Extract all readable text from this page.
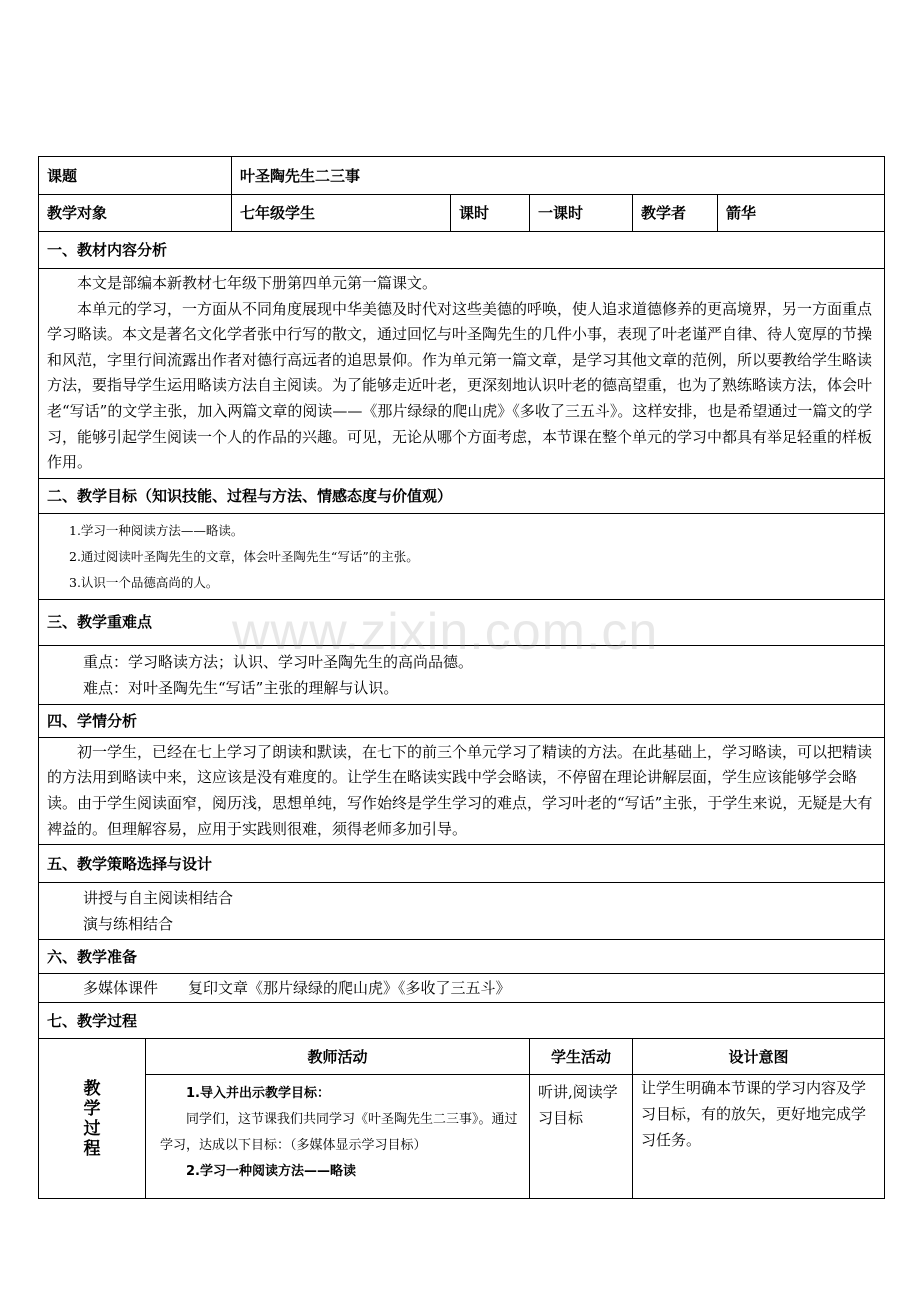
课题		叶圣陶先生二三事				
教学对象		七年级学生	课时	一课时	教学者	箭华
一、教材内容分析						

本文是部编本新教材七年级下册第四单元第一篇课文。

本单元的学习，一方面从不同角度展现中华美德及时代对这些美德的呼唤，使人追求道德修养的更高境界，另一方面重点学习略读。本文是著名文化学者张中行写的散文，通过回忆与叶圣陶先生的几件小事，表现了叶老谨严自律、待人宽厚的节操和风范，字里行间流露出作者对德行高远者的追思景仰。作为单元第一篇文章，是学习其他文章的范例，所以要教给学生略读方法，要指导学生运用略读方法自主阅读。为了能够走近叶老，更深刻地认识叶老的德高望重，也为了熟练略读方法，体会叶老“写话”的文学主张，加入两篇文章的阅读——《那片绿绿的爬山虎》《多收了三五斗》。这样安排，也是希望通过一篇文的学习，能够引起学生阅读一个人的作品的兴趣。可见，无论从哪个方面考虑，本节课在整个单元的学习中都具有举足轻重的样板作用。						

二、教学目标（知识技能、过程与方法、情感态度与价值观）						

1.学习一种阅读方法——略读。

2.通过阅读叶圣陶先生的文章，体会叶圣陶先生“写话”的主张。

3.认识一个品德高尚的人。						

三、教学重难点						

重点：学习略读方法；认识、学习叶圣陶先生的高尚品德。
难点：对叶圣陶先生“写话”主张的理解与认识。						

四、学情分析						

初一学生，已经在七上学习了朗读和默读，在七下的前三个单元学习了精读的方法。在此基础上，学习略读，可以把精读的方法用到略读中来，这应该是没有难度的。让学生在略读实践中学会略读，不停留在理论讲解层面，学生应该能够学会略读。由于学生阅读面窄，阅历浅，思想单纯，写作始终是学生学习的难点，学习叶老的“写话”主张，于学生来说，无疑是大有裨益的。但理解容易，应用于实践则很难，须得老师多加引导。						

五、教学策略选择与设计						

讲授与自主阅读相结合
演与练相结合						

六、教学准备						
多媒体课件　　复印文章《那片绿绿的爬山虎》《多收了三五斗》						
七、教学过程						

教学过程	教师活动			学生活动	设计意图	

	1.导入并出示教学目标：

同学们，这节课我们共同学习《叶圣陶先生二三事》。通过学习，达成以下目标：（多媒体显示学习目标）

2.学习一种阅读方法——略读			听讲,阅读学习目标	让学生明确本节课的学习内容及学习目标，有的放矢，更好地完成学习任务。	
www.zixin.com.cn
